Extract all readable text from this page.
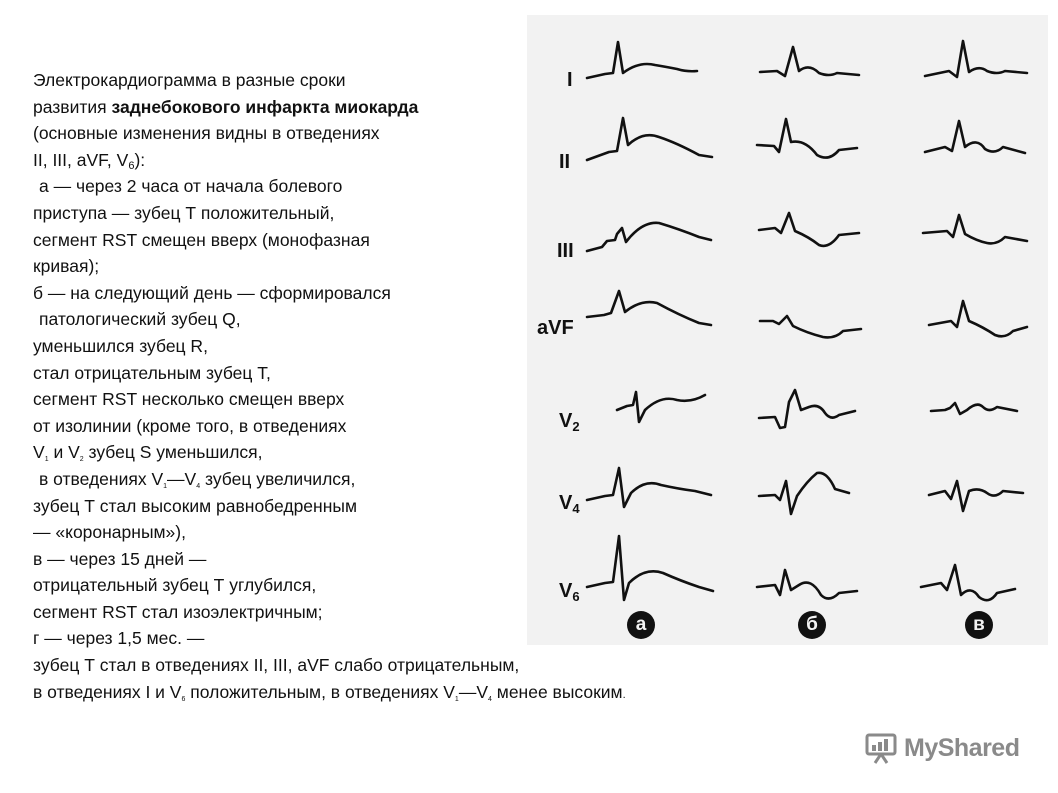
I
II
III
aVF
$V_2$
$V_4$
$V_6$
а	б	в
Электрокардиограмма в разные сроки
развития заднебокового инфаркта миокарда
(основные изменения видны в отведениях
II, III, aVF, $V_6$):
а — через 2 часа от начала болевого
приступа — зубец Т положительный,
сегмент RST смещен вверх (монофазная
кривая);
б — на следующий день — сформировался
патологический зубец Q,
уменьшился зубец R,
стал отрицательным зубец Т,
сегмент RST несколько смещен вверх
от изолинии (кроме того, в отведениях
V1 и V2 зубец S уменьшился,
в отведениях V1—V4 зубец увеличился,
зубец Т стал высоким равнобедренным
— «коронарным»),
в — через 15 дней —
отрицательный зубец Т углубился,
сегмент RST стал изоэлектричным;
г — через 1,5 мес. —
зубец Т стал в отведениях II, III, aVF слабо отрицательным,
в отведениях I и V6 положительным, в отведениях V1—V4 менее высоким.
MyShared
